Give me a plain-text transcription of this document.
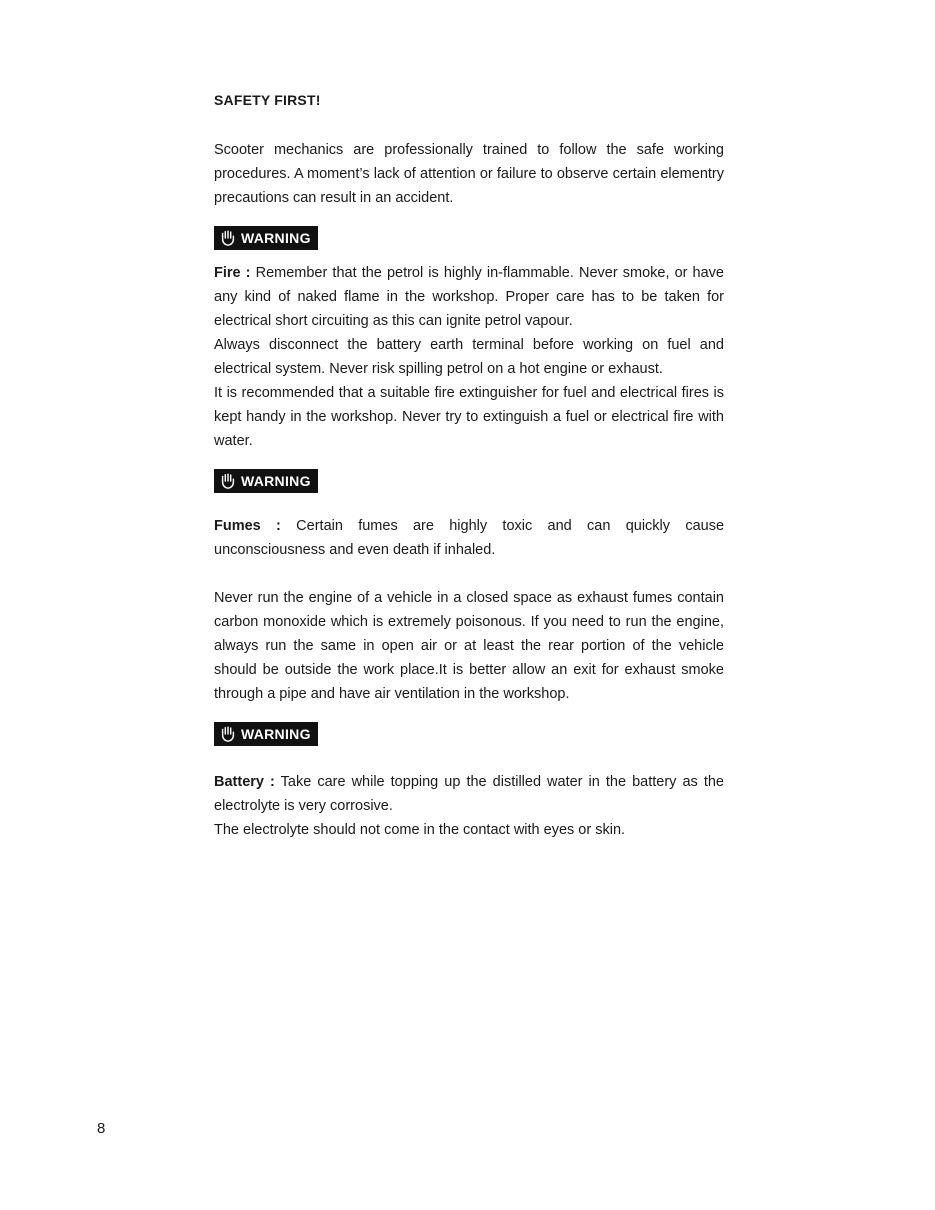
SAFETY FIRST!

Scooter mechanics are professionally trained to follow the safe working procedures. A moment’s lack of attention or failure to observe certain elementry precautions can result in an accident.

WARNING

Fire : Remember that the petrol is highly in-flammable. Never smoke, or have any kind of naked flame in the workshop. Proper care has to be taken for electrical short circuiting as this can ignite petrol vapour.

Always disconnect the battery earth terminal before working on fuel and electrical system. Never risk spilling petrol on a hot engine or exhaust.

It is recommended that a suitable fire extinguisher for fuel and electrical fires is kept handy in the workshop. Never try to extinguish a fuel or electrical fire with water.

WARNING

Fumes : Certain fumes are highly toxic and can quickly cause unconsciousness and even death if inhaled.

Never run the engine of a vehicle in a closed space as exhaust fumes contain carbon monoxide which is extremely poisonous. If you need to run the engine, always run the same in open air or at least the rear portion of the vehicle should be outside the work place.It is better allow an exit for exhaust smoke through a pipe and have air ventilation in the workshop.

WARNING

Battery : Take care while topping up the distilled water in the battery as the electrolyte is very corrosive.

The electrolyte should not come in the contact with eyes or skin.

8
